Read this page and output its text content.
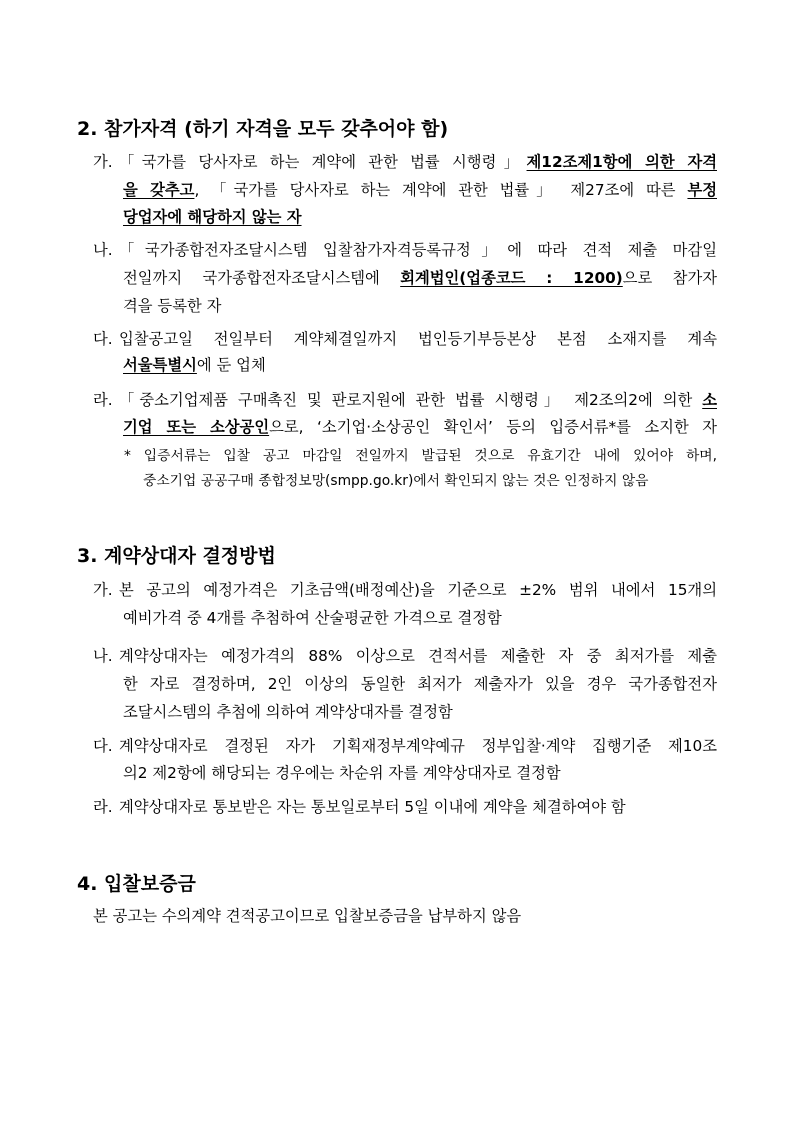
2. 참가자격 (하기 자격을 모두 갖추어야 함)
가. 「국가를 당사자로 하는 계약에 관한 법률 시행령」제12조제1항에 의한 자격
을 갖추고, 「국가를 당사자로 하는 계약에 관한 법률」 제27조에 따른 부정
당업자에 해당하지 않는 자
나. 「국가종합전자조달시스템 입찰참가자격등록규정」에 따라 견적 제출 마감일
전일까지 국가종합전자조달시스템에 회계법인(업종코드 : 1200)으로 참가자
격을 등록한 자
다. 입찰공고일 전일부터 계약체결일까지 법인등기부등본상 본점 소재지를 계속
서울특별시에 둔 업체
라. 「중소기업제품 구매촉진 및 판로지원에 관한 법률 시행령」 제2조의2에 의한 소
기업 또는 소상공인으로, ‘소기업·소상공인 확인서’ 등의 입증서류*를 소지한 자
* 입증서류는 입찰 공고 마감일 전일까지 발급된 것으로 유효기간 내에 있어야 하며,
중소기업 공공구매 종합정보망(smpp.go.kr)에서 확인되지 않는 것은 인정하지 않음
3. 계약상대자 결정방법
가. 본 공고의 예정가격은 기초금액(배정예산)을 기준으로 ±2% 범위 내에서 15개의
예비가격 중 4개를 추첨하여 산술평균한 가격으로 결정함
나. 계약상대자는 예정가격의 88% 이상으로 견적서를 제출한 자 중 최저가를 제출
한 자로 결정하며, 2인 이상의 동일한 최저가 제출자가 있을 경우 국가종합전자
조달시스템의 추첨에 의하여 계약상대자를 결정함
다. 계약상대자로 결정된 자가 기획재정부계약예규 정부입찰·계약 집행기준 제10조
의2 제2항에 해당되는 경우에는 차순위 자를 계약상대자로 결정함
라. 계약상대자로 통보받은 자는 통보일로부터 5일 이내에 계약을 체결하여야 함
4. 입찰보증금
본 공고는 수의계약 견적공고이므로 입찰보증금을 납부하지 않음
